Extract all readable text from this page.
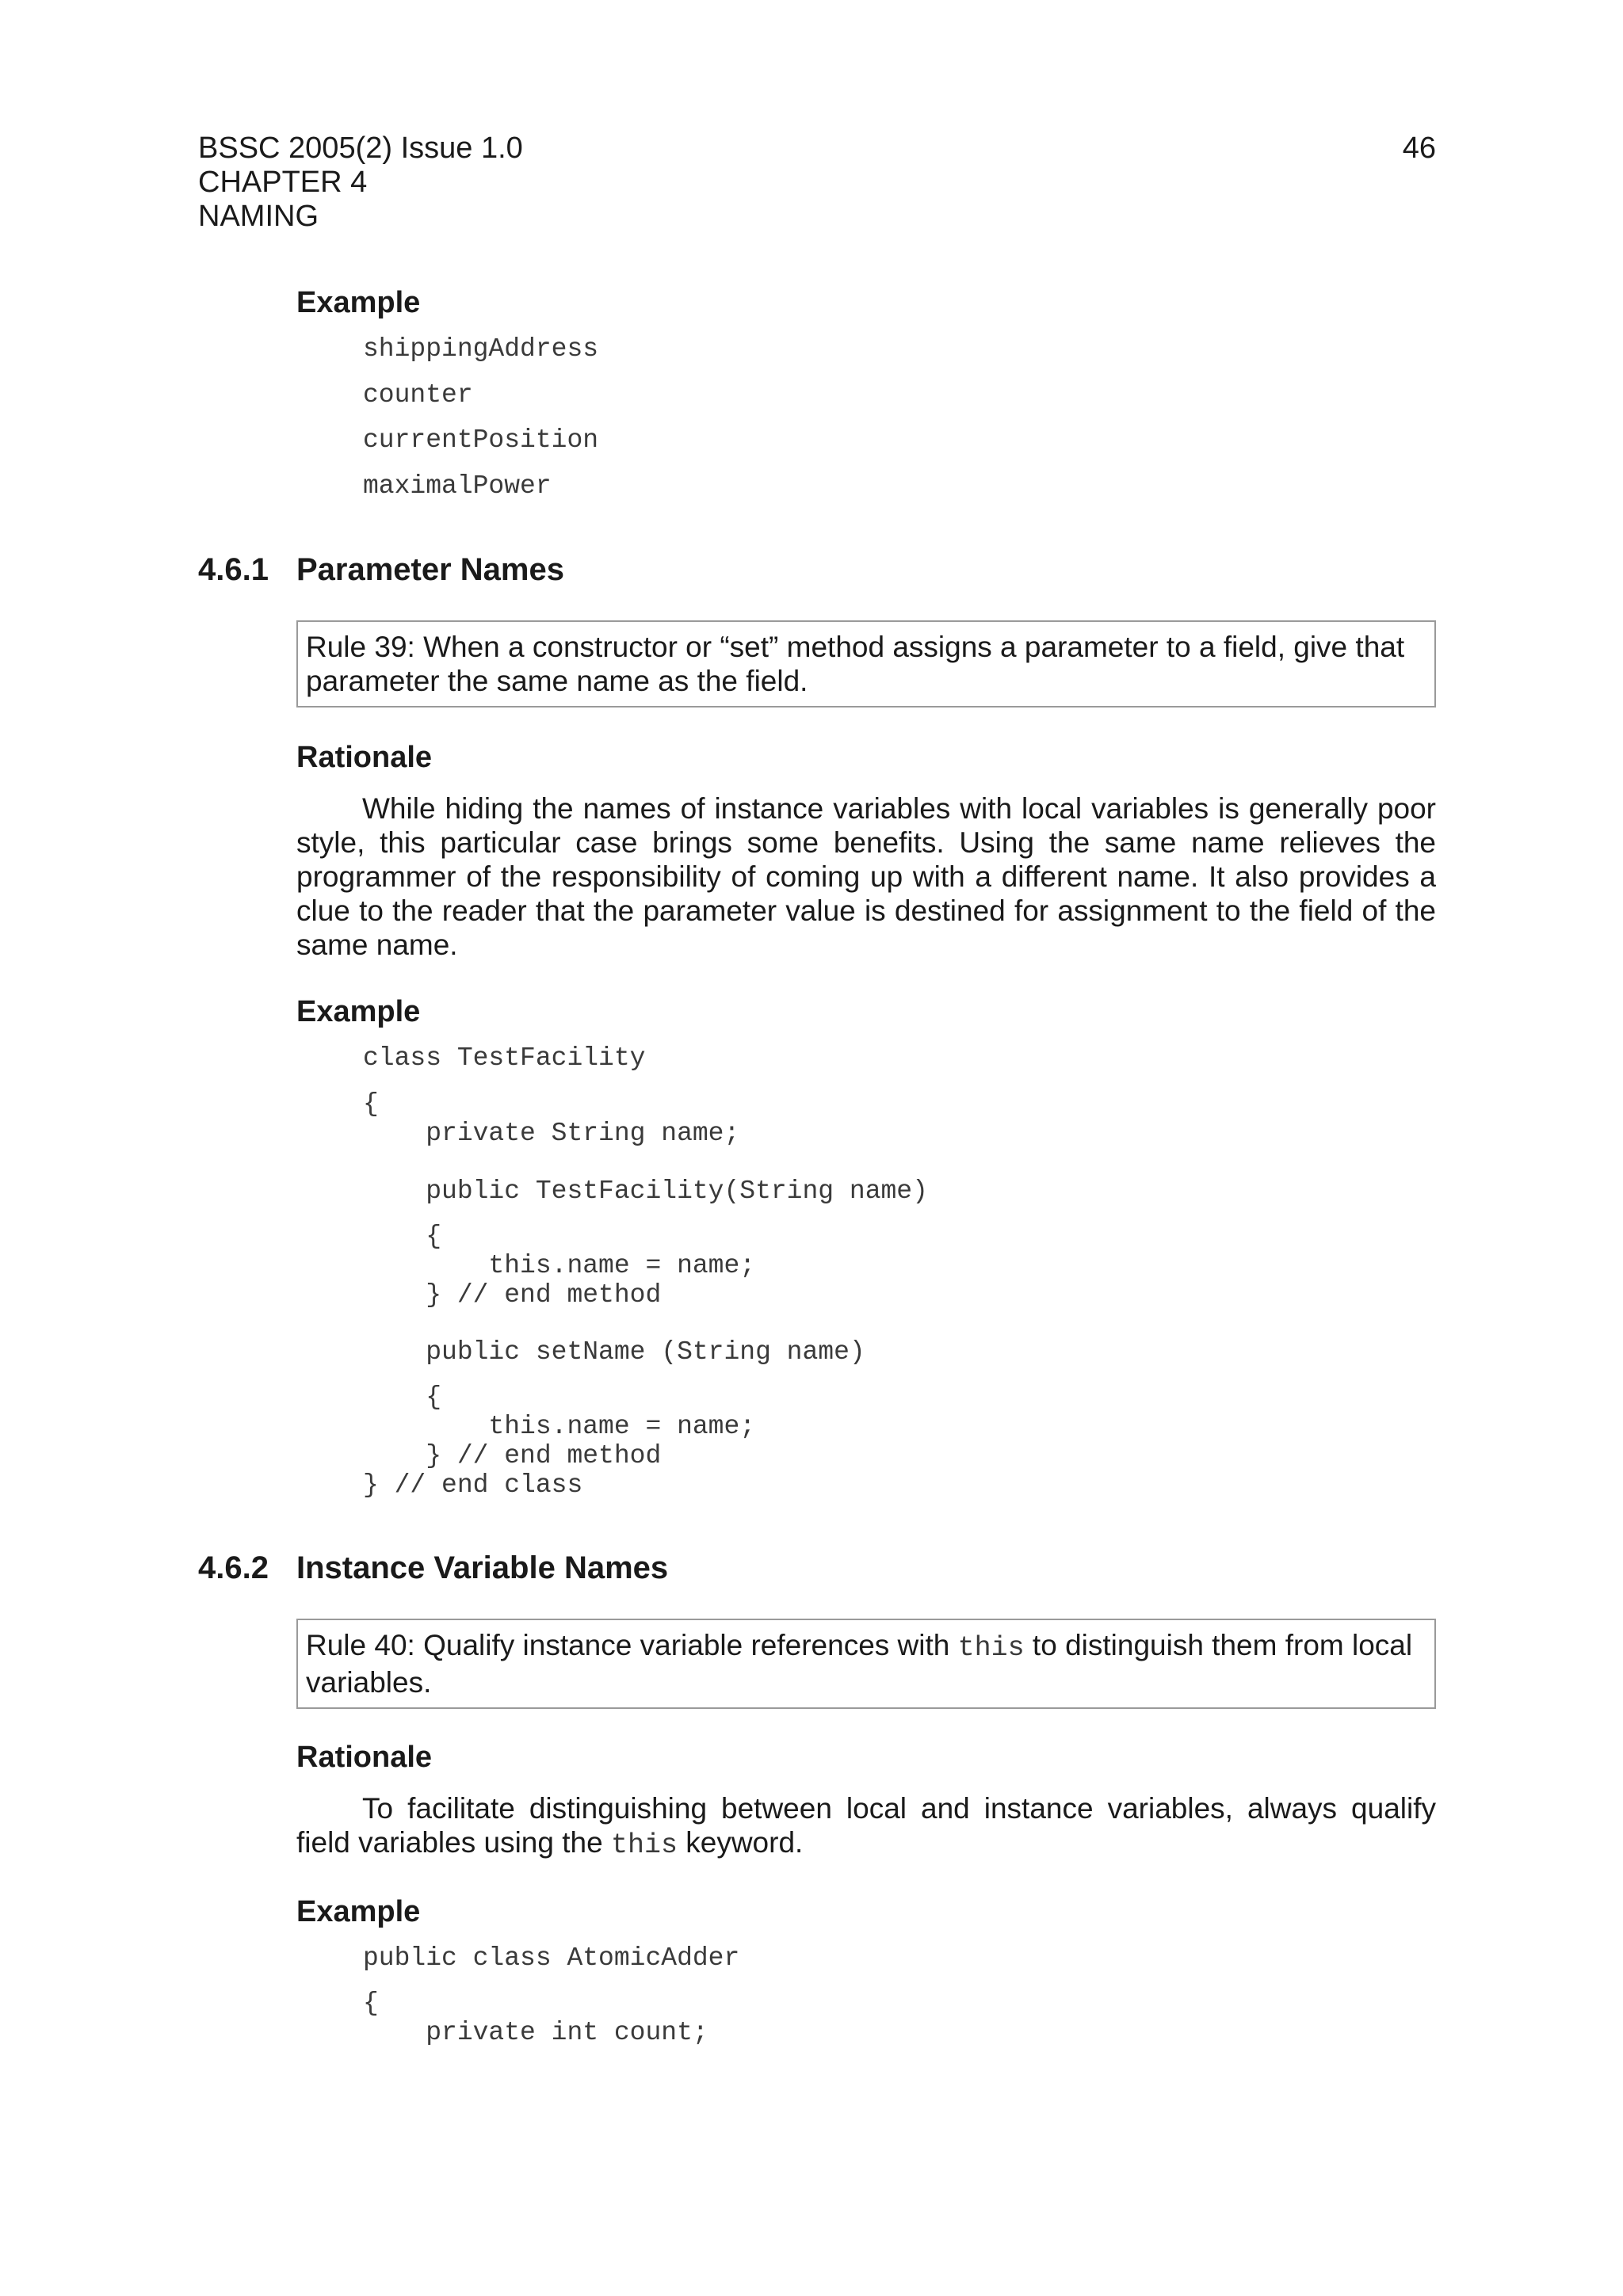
BSSC 2005(2) Issue 1.0
CHAPTER 4
NAMING
46
Example
shippingAddress
counter
currentPosition
maximalPower
4.6.1 Parameter Names
Rule 39: When a constructor or “set” method assigns a parameter to a field, give that parameter the same name as the field.
Rationale
While hiding the names of instance variables with local variables is generally poor style, this particular case brings some benefits. Using the same name relieves the programmer of the responsibility of coming up with a different name. It also provides a clue to the reader that the parameter value is destined for assignment to the field of the same name.
Example
class TestFacility
{
private String name;
public TestFacility(String name)
{
this.name = name;
} // end method
public setName (String name)
{
this.name = name;
} // end method
} // end class
4.6.2 Instance Variable Names
Rule 40: Qualify instance variable references with this to distinguish them from local variables.
Rationale
To facilitate distinguishing between local and instance variables, always qualify field variables using the this keyword.
Example
public class AtomicAdder
{
private int count;
